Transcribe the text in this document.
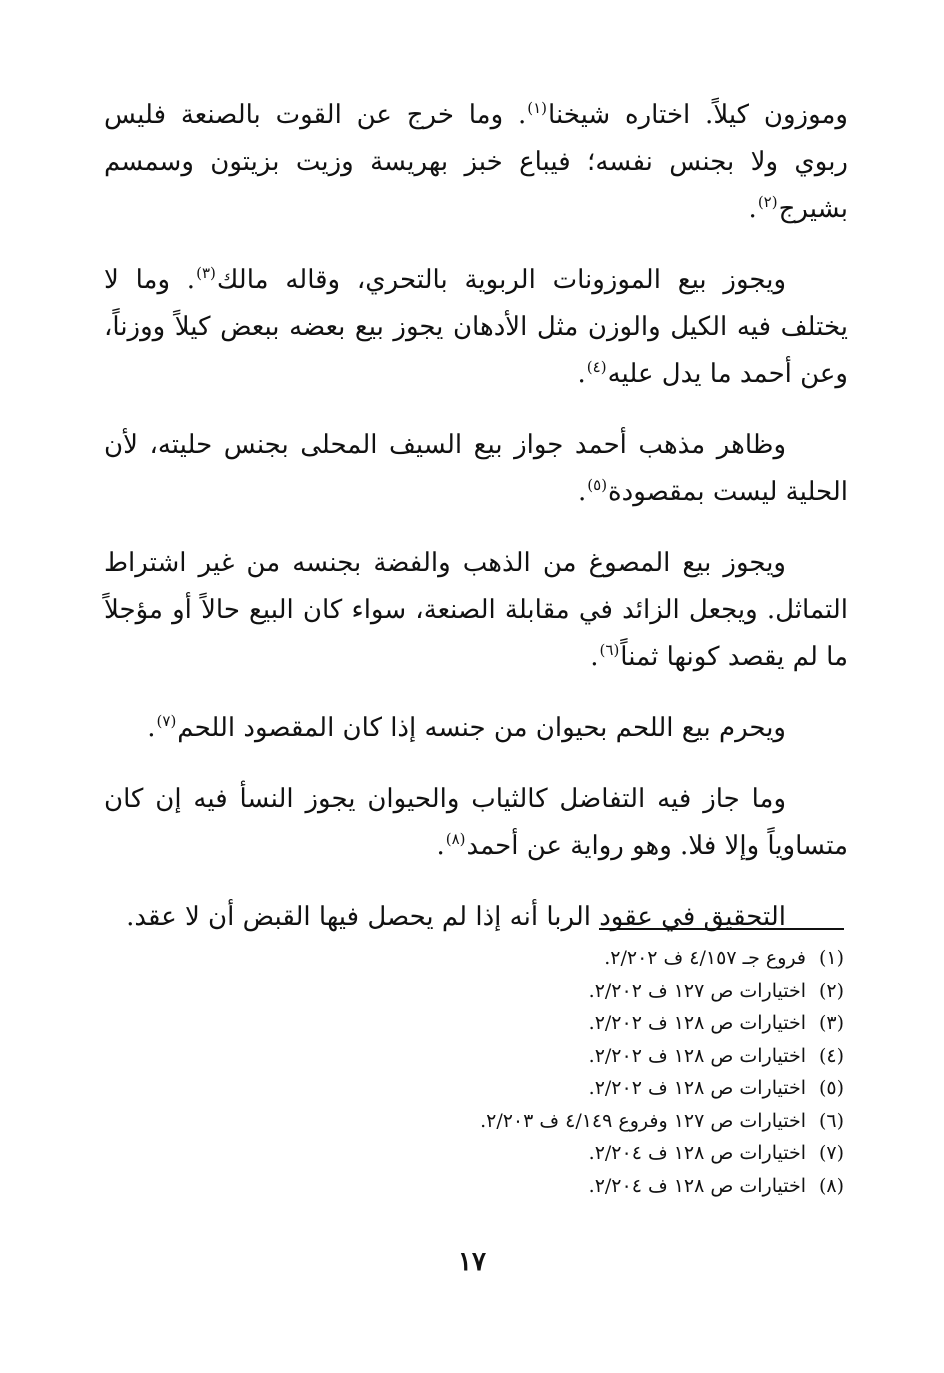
وموزون كيلاً. اختاره شيخنا$^{(١)}$. وما خرج عن القوت بالصنعة فليس ربوي ولا بجنس نفسه؛ فيباع خبز بهريسة وزيت بزيتون وسمسم بشيرج$^{(٢)}$.

ويجوز بيع الموزونات الربوية بالتحري، وقاله مالك$^{(٣)}$. وما لا يختلف فيه الكيل والوزن مثل الأدهان يجوز بيع بعضه ببعض كيلاً ووزناً، وعن أحمد ما يدل عليه$^{(٤)}$.

وظاهر مذهب أحمد جواز بيع السيف المحلى بجنس حليته، لأن الحلية ليست بمقصودة$^{(٥)}$.

ويجوز بيع المصوغ من الذهب والفضة بجنسه من غير اشتراط التماثل. ويجعل الزائد في مقابلة الصنعة، سواء كان البيع حالاً أو مؤجلاً ما لم يقصد كونها ثمناً$^{(٦)}$.

ويحرم بيع اللحم بحيوان من جنسه إذا كان المقصود اللحم$^{(٧)}$.

وما جاز فيه التفاضل كالثياب والحيوان يجوز النسأ فيه إن كان متساوياً وإلا فلا. وهو رواية عن أحمد$^{(٨)}$.

التحقيق في عقود الربا أنه إذا لم يحصل فيها القبض أن لا عقد.

(١)
فروع جـ ٤/١٥٧ ف ٢/٢٠٢.
(٢)
اختيارات ص ١٢٧ ف ٢/٢٠٢.
(٣)
اختيارات ص ١٢٨ ف ٢/٢٠٢.
(٤)
اختيارات ص ١٢٨ ف ٢/٢٠٢.
(٥)
اختيارات ص ١٢٨ ف ٢/٢٠٢.
(٦)
اختيارات ص ١٢٧ وفروع ٤/١٤٩ ف ٢/٢٠٣.
(٧)
اختيارات ص ١٢٨ ف ٢/٢٠٤.
(٨)
اختيارات ص ١٢٨ ف ٢/٢٠٤.
١٧
